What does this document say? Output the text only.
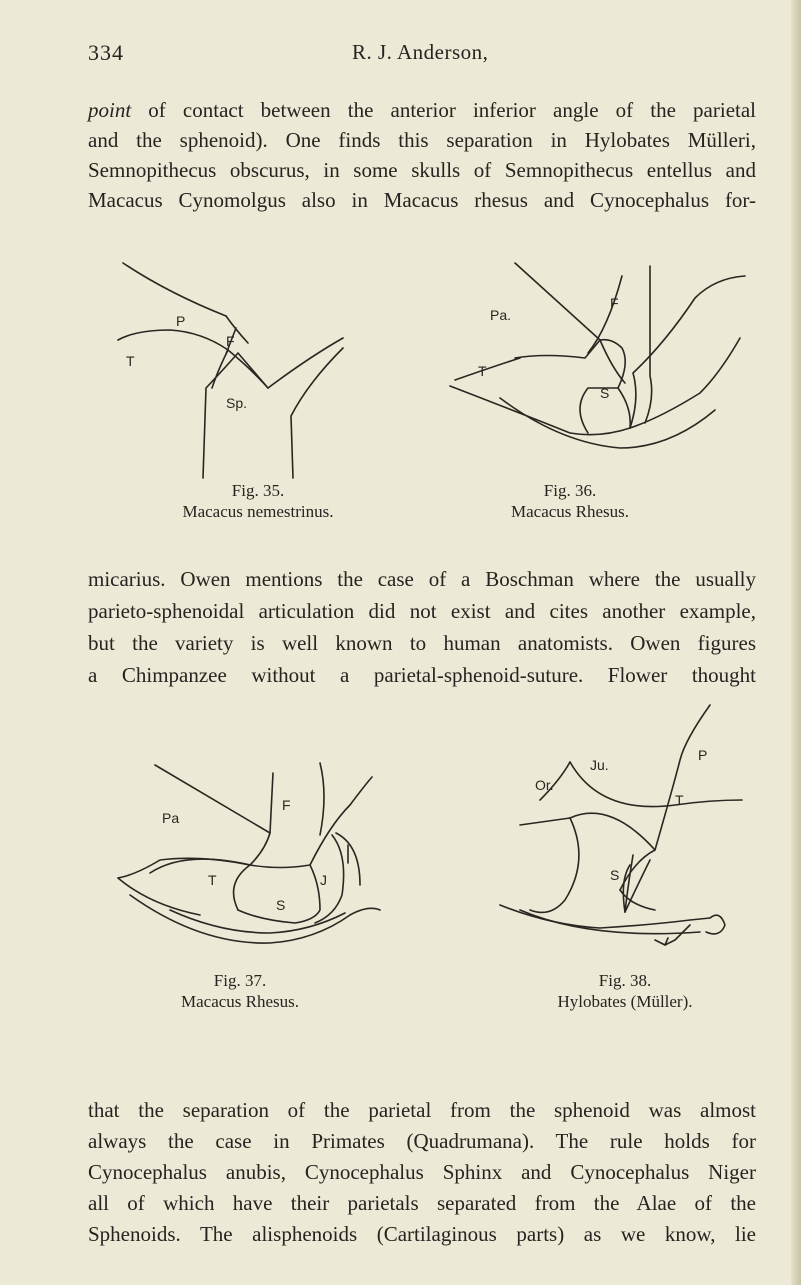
334	R. J. Anderson,
point of contact between the anterior inferior angle of the parietal
and the sphenoid). One finds this separation in Hylobates Mülleri,
Semnopithecus obscurus, in some skulls of Semnopithecus entellus and
Macacus Cynomolgus also in Macacus rhesus and Cynocephalus for-
P
F
T
Sp.
Fig. 35.
Macacus nemestrinus.
Pa.
F
T
S
Fig. 36.
Macacus Rhesus.
micarius. Owen mentions the case of a Boschman where the usually
parieto-sphenoidal articulation did not exist and cites another example,
but the variety is well known to human anatomists. Owen figures
a Chimpanzee without a parietal-sphenoid-suture. Flower thought
Pa
F
T	J
S
Fig. 37.
Macacus Rhesus.
P
Ju.
Or.
T
S
Fig. 38.
Hylobates (Müller).
that the separation of the parietal from the sphenoid was almost
always the case in Primates (Quadrumana). The rule holds for
Cynocephalus anubis, Cynocephalus Sphinx and Cynocephalus Niger
all of which have their parietals separated from the Alae of the
Sphenoids. The alisphenoids (Cartilaginous parts) as we know, lie
